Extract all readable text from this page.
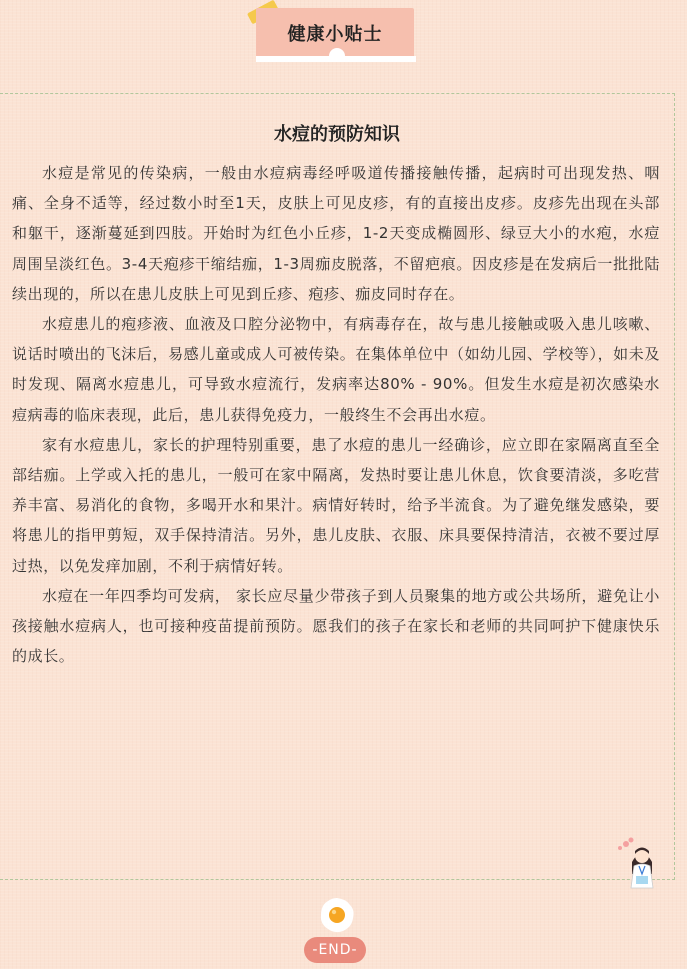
健康小贴士
水痘的预防知识

水痘是常见的传染病，一般由水痘病毒经呼吸道传播接触传播，起病时可出现发热、咽痛、全身不适等，经过数小时至1天，皮肤上可见皮疹，有的直接出皮疹。皮疹先出现在头部和躯干，逐渐蔓延到四肢。开始时为红色小丘疹，1-2天变成椭圆形、绿豆大小的水疱，水痘周围呈淡红色。3-4天疱疹干缩结痂，1-3周痂皮脱落，不留疤痕。因皮疹是在发病后一批批陆续出现的，所以在患儿皮肤上可见到丘疹、疱疹、痂皮同时存在。

水痘患儿的疱疹液、血液及口腔分泌物中，有病毒存在，故与患儿接触或吸入患儿咳嗽、说话时喷出的飞沫后，易感儿童或成人可被传染。在集体单位中（如幼儿园、学校等），如未及时发现、隔离水痘患儿，可导致水痘流行，发病率达80% - 90%。但发生水痘是初次感染水痘病毒的临床表现，此后，患儿获得免疫力，一般终生不会再出水痘。

家有水痘患儿，家长的护理特别重要，患了水痘的患儿一经确诊，应立即在家隔离直至全部结痂。上学或入托的患儿，一般可在家中隔离，发热时要让患儿休息，饮食要清淡，多吃营养丰富、易消化的食物，多喝开水和果汁。病情好转时，给予半流食。为了避免继发感染，要将患儿的指甲剪短，双手保持清洁。另外，患儿皮肤、衣服、床具要保持清洁，衣被不要过厚过热，以免发痒加剧，不利于病情好转。

水痘在一年四季均可发病， 家长应尽量少带孩子到人员聚集的地方或公共场所，避免让小孩接触水痘病人，也可接种疫苗提前预防。愿我们的孩子在家长和老师的共同呵护下健康快乐的成长。

-END-
